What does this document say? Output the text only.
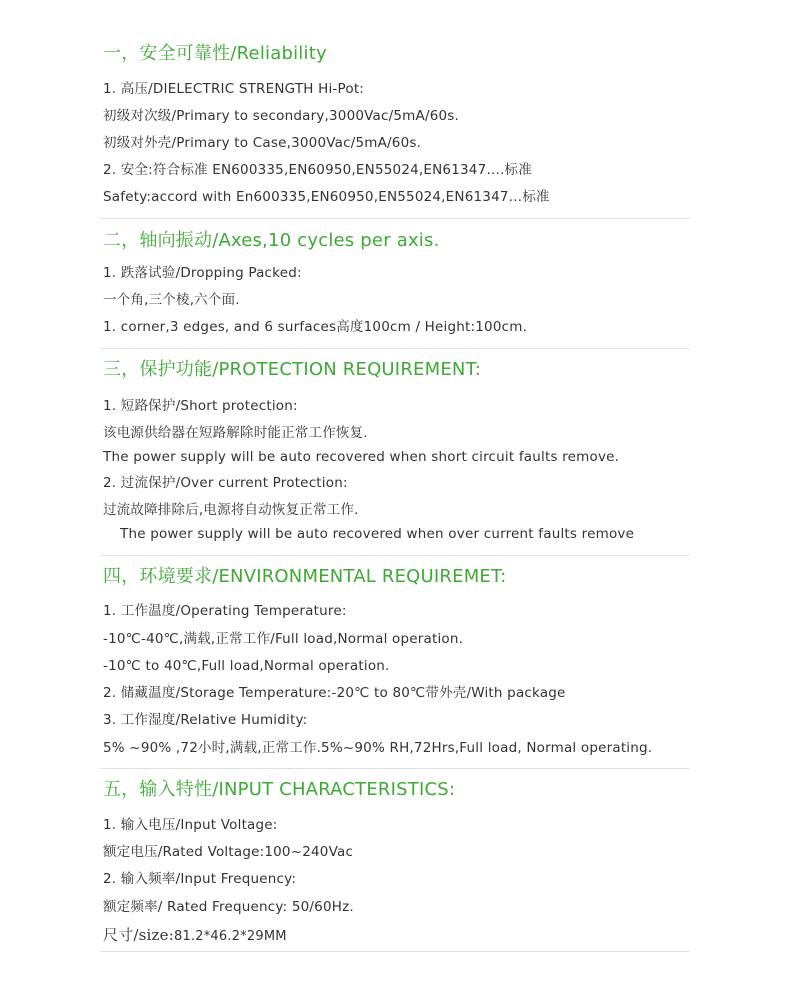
一，安全可靠性/Reliability
1. 高压/DIELECTRIC STRENGTH Hi-Pot:
初级对次级/Primary to secondary,3000Vac/5mA/60s.
初级对外壳/Primary to Case,3000Vac/5mA/60s.
2. 安全:符合标准 EN600335,EN60950,EN55024,EN61347….标准
Safety:accord with En600335,EN60950,EN55024,EN61347…标准
二，轴向振动/Axes,10 cycles per axis.
1. 跌落试验/Dropping Packed:
一个角,三个棱,六个面.
1. corner,3 edges, and 6 surfaces高度100cm / Height:100cm.
三，保护功能/PROTECTION REQUIREMENT:
1. 短路保护/Short protection:
该电源供给器在短路解除时能正常工作恢复.
The power supply will be auto recovered when short circuit faults remove.
2. 过流保护/Over current Protection:
过流故障排除后,电源将自动恢复正常工作.
The power supply will be auto recovered when over current faults remove
四，环境要求/ENVIRONMENTAL REQUIREMET:
1. 工作温度/Operating Temperature:
-10℃-40℃,满载,正常工作/Full load,Normal operation.
-10℃ to 40℃,Full load,Normal operation.
2. 储藏温度/Storage Temperature:-20℃ to 80℃带外壳/With package
3. 工作湿度/Relative Humidity:
5% ~90% ,72小时,满载,正常工作.5%~90% RH,72Hrs,Full load, Normal operating.
五，输入特性/INPUT CHARACTERISTICS:
1. 输入电压/Input Voltage:
额定电压/Rated Voltage:100~240Vac
2. 输入频率/Input Frequency:
额定频率/ Rated Frequency: 50/60Hz.
尺寸/size:81.2*46.2*29MM
